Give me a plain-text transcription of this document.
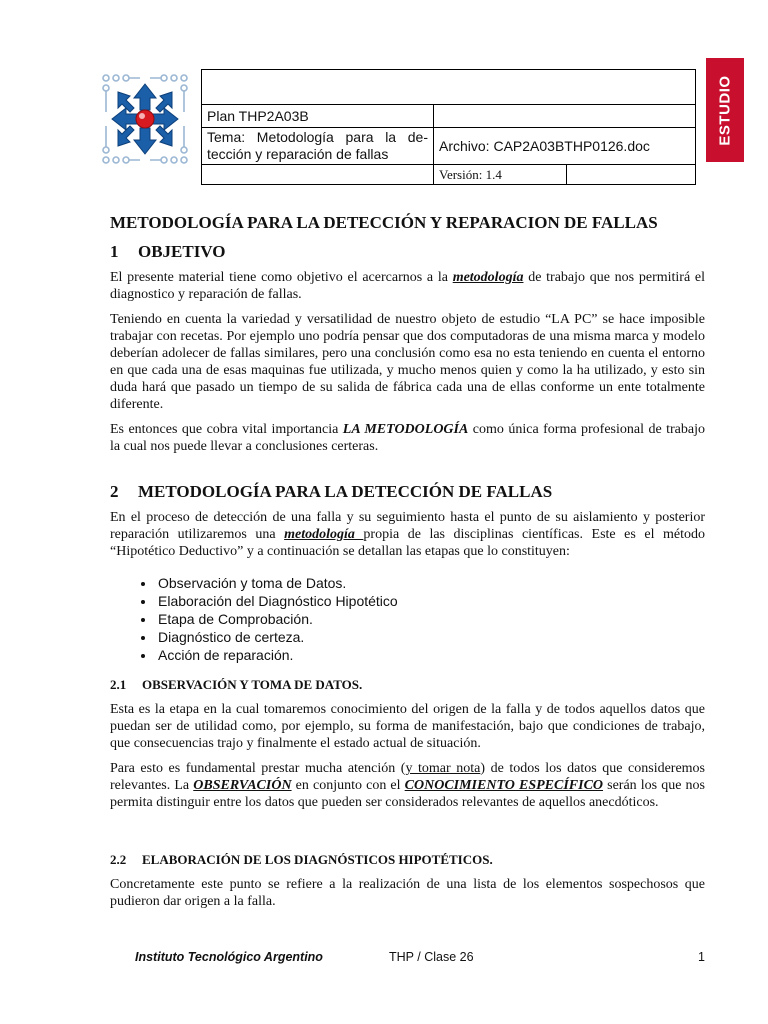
ESTUDIO

Plan THP2A03B		

Tema: Metodología para la de-
tección y reparación de fallas	Archivo: CAP2A03BTHP0126.doc	
	Versión: 1.4	
METODOLOGÍA PARA LA DETECCIÓN Y REPARACION DE FALLAS
1 OBJETIVO

El presente material tiene como objetivo el acercarnos a la metodología de trabajo que nos permitirá el diagnostico y reparación de fallas.

Teniendo en cuenta la variedad y versatilidad de nuestro objeto de estudio “LA PC” se hace imposible trabajar con recetas. Por ejemplo uno podría pensar que dos computadoras de una misma marca y modelo deberían adolecer de fallas similares, pero una conclusión como esa no esta teniendo en cuenta el entorno en que cada una de esas maquinas fue utilizada, y mucho menos quien y como la ha utilizado, y esto sin duda hará que pasado un tiempo de su salida de fábrica cada una de ellas conforme un ente totalmente diferente.

Es entonces que cobra vital importancia LA METODOLOGÍA como única forma profesional de trabajo la cual nos puede llevar a conclusiones certeras.

2 METODOLOGÍA PARA LA DETECCIÓN DE FALLAS

En el proceso de detección de una falla y su seguimiento hasta el punto de su aislamiento y posterior reparación utilizaremos una metodología propia de las disciplinas científicas. Este es el método “Hipotético Deductivo” y a continuación se detallan las etapas que lo constituyen:

• Observación y toma de Datos.
• Elaboración del Diagnóstico Hipotético
• Etapa de Comprobación.
• Diagnóstico de certeza.
• Acción de reparación.
2.1 OBSERVACIÓN Y TOMA DE DATOS.

Esta es la etapa en la cual tomaremos conocimiento del origen de la falla y de todos aquellos datos que puedan ser de utilidad como, por ejemplo, su forma de manifestación, bajo que condiciones de trabajo, que consecuencias trajo y finalmente el estado actual de situación.

Para esto es fundamental prestar mucha atención (y tomar nota) de todos los datos que consideremos relevantes. La OBSERVACIÓN en conjunto con el CONOCIMIENTO ESPECÍFICO serán los que nos permita distinguir entre los datos que pueden ser considerados relevantes de aquellos anecdóticos.

2.2 ELABORACIÓN DE LOS DIAGNÓSTICOS HIPOTÉTICOS.

Concretamente este punto se refiere a la realización de una lista de los elementos sospechosos que pudieron dar origen a la falla.

Instituto Tecnológico Argentino	THP / Clase 26	1
